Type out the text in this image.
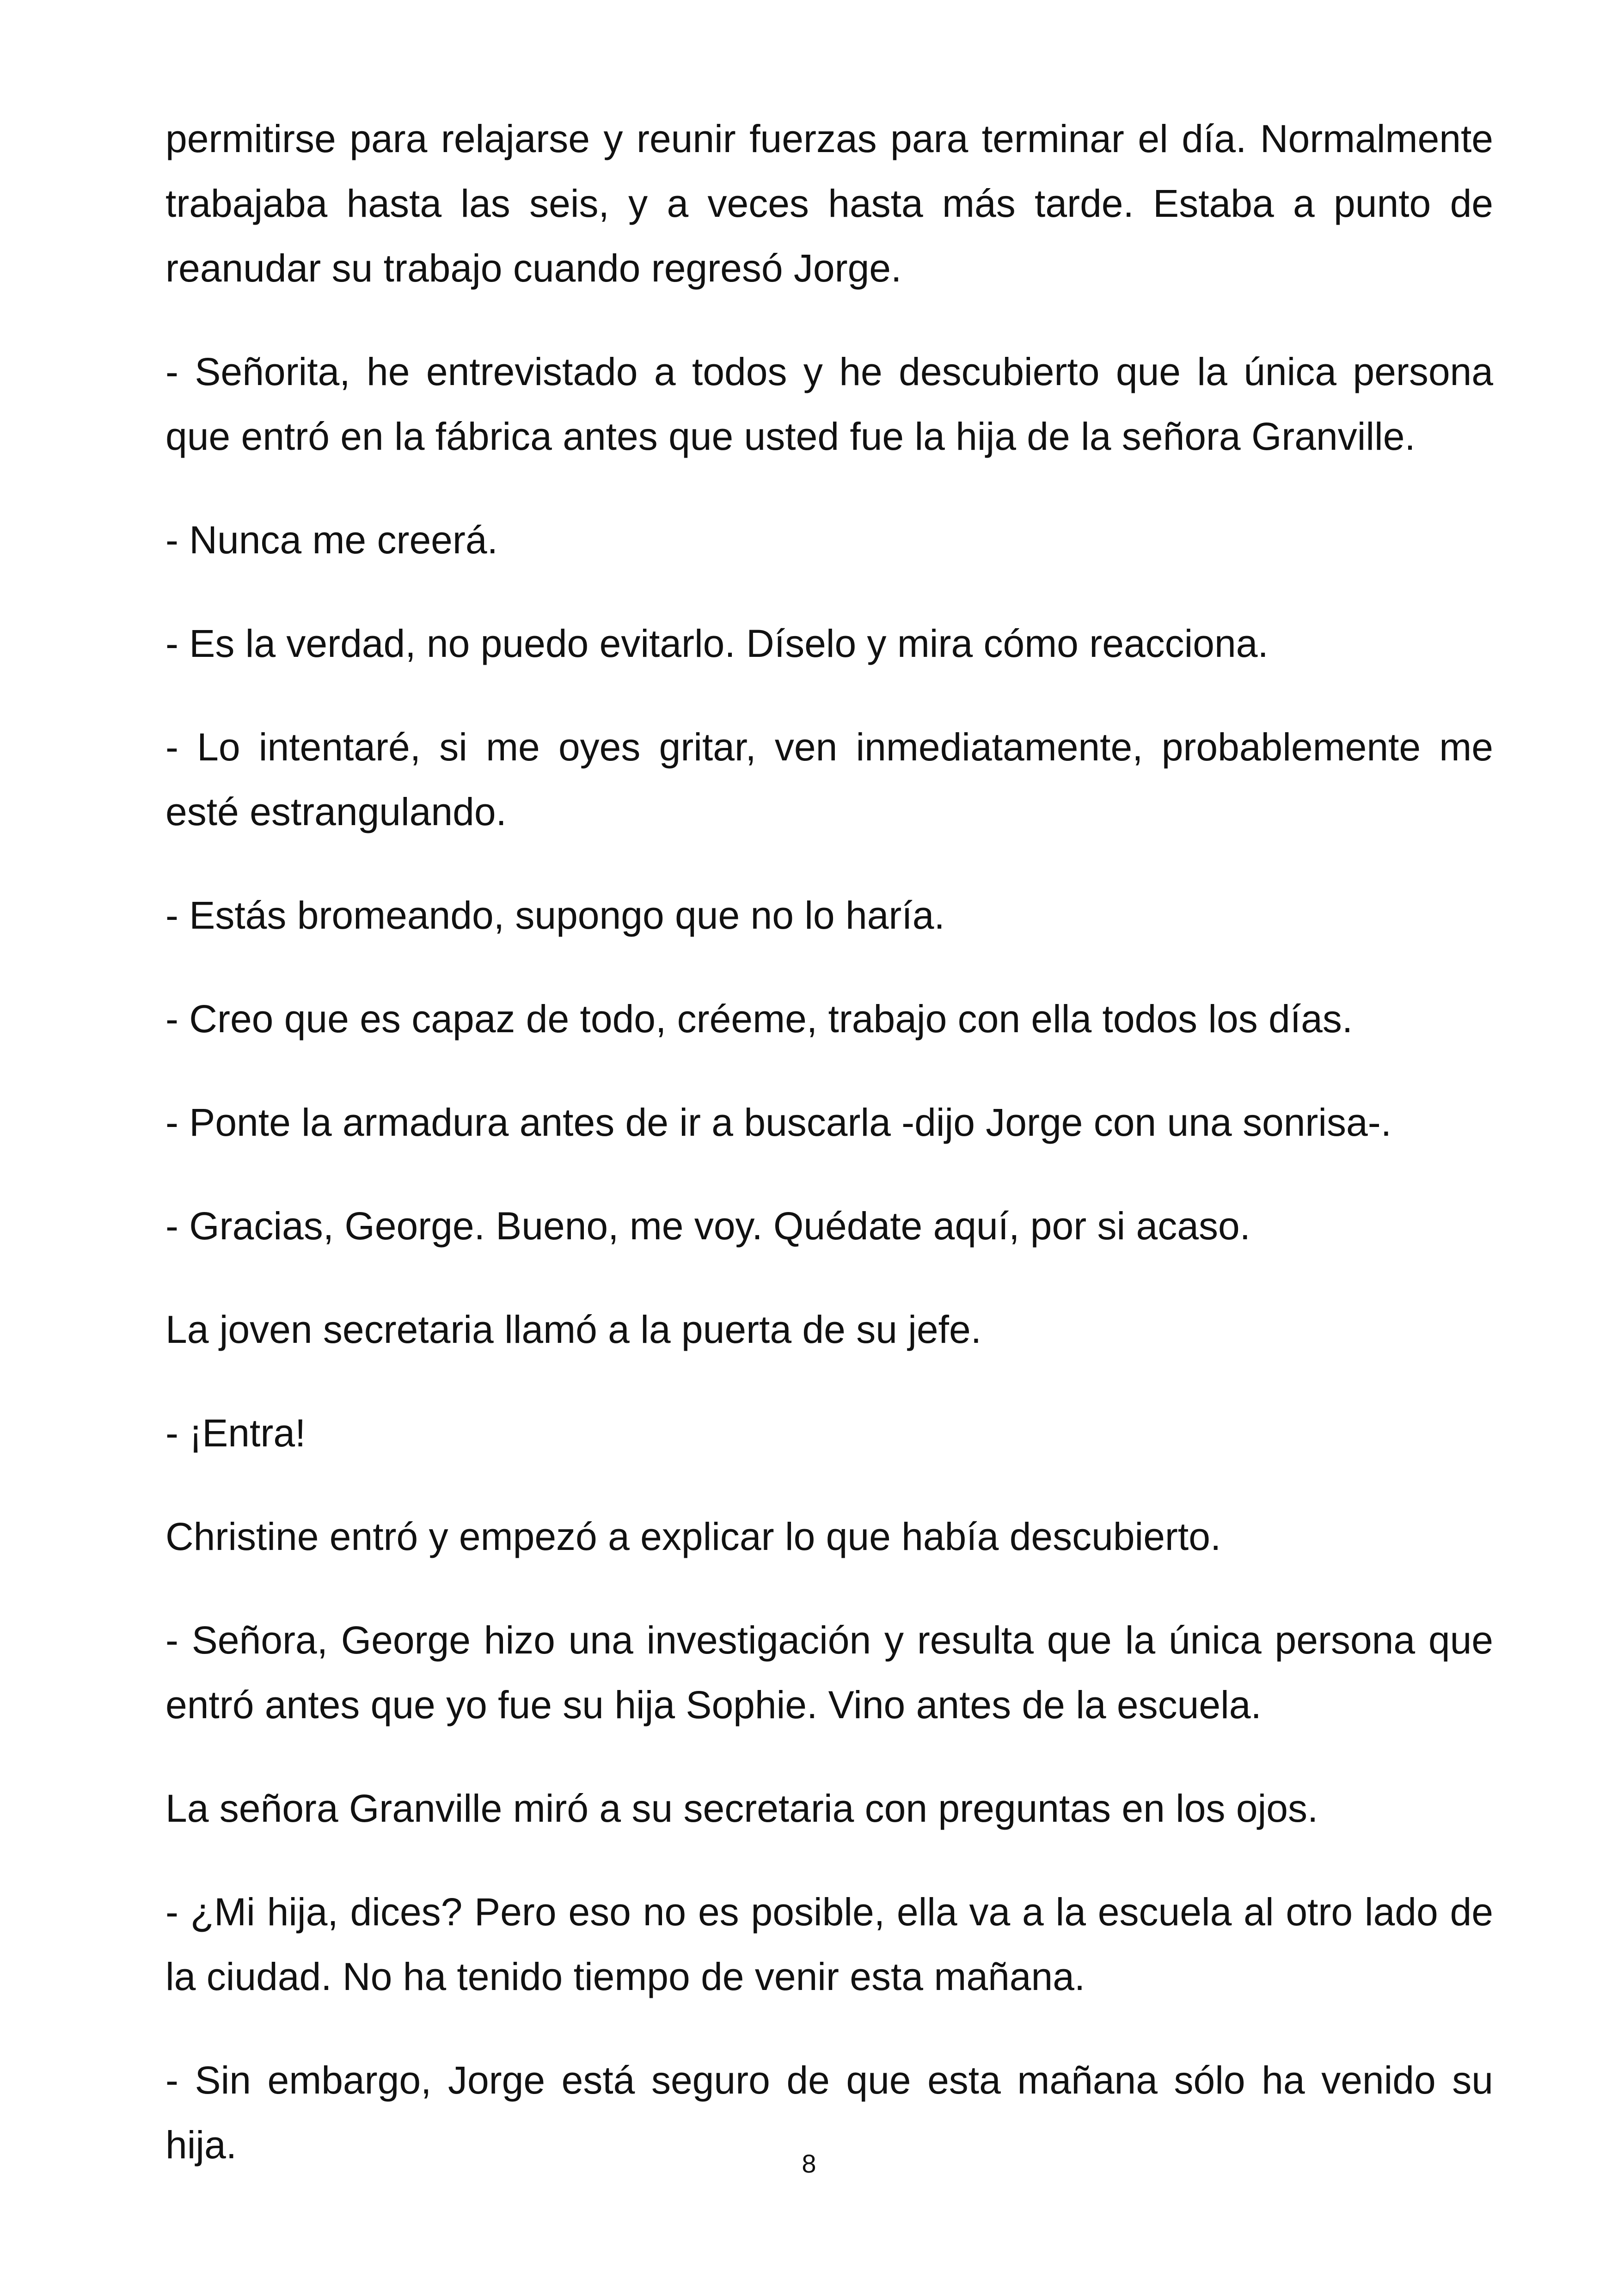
permitirse para relajarse y reunir fuerzas para terminar el día. Normalmente trabajaba hasta las seis, y a veces hasta más tarde. Estaba a punto de reanudar su trabajo cuando regresó Jorge.

- Señorita, he entrevistado a todos y he descubierto que la única persona que entró en la fábrica antes que usted fue la hija de la señora Granville.

- Nunca me creerá.

- Es la verdad, no puedo evitarlo. Díselo y mira cómo reacciona.

- Lo intentaré, si me oyes gritar, ven inmediatamente, probablemente me esté estrangulando.

- Estás bromeando, supongo que no lo haría.

- Creo que es capaz de todo, créeme, trabajo con ella todos los días.

- Ponte la armadura antes de ir a buscarla -dijo Jorge con una sonrisa-.

- Gracias, George. Bueno, me voy. Quédate aquí, por si acaso.

La joven secretaria llamó a la puerta de su jefe.

- ¡Entra!

Christine entró y empezó a explicar lo que había descubierto.

- Señora, George hizo una investigación y resulta que la única persona que entró antes que yo fue su hija Sophie. Vino antes de la escuela.

La señora Granville miró a su secretaria con preguntas en los ojos.

- ¿Mi hija, dices? Pero eso no es posible, ella va a la escuela al otro lado de la ciudad. No ha tenido tiempo de venir esta mañana.

- Sin embargo, Jorge está seguro de que esta mañana sólo ha venido su hija.	8
